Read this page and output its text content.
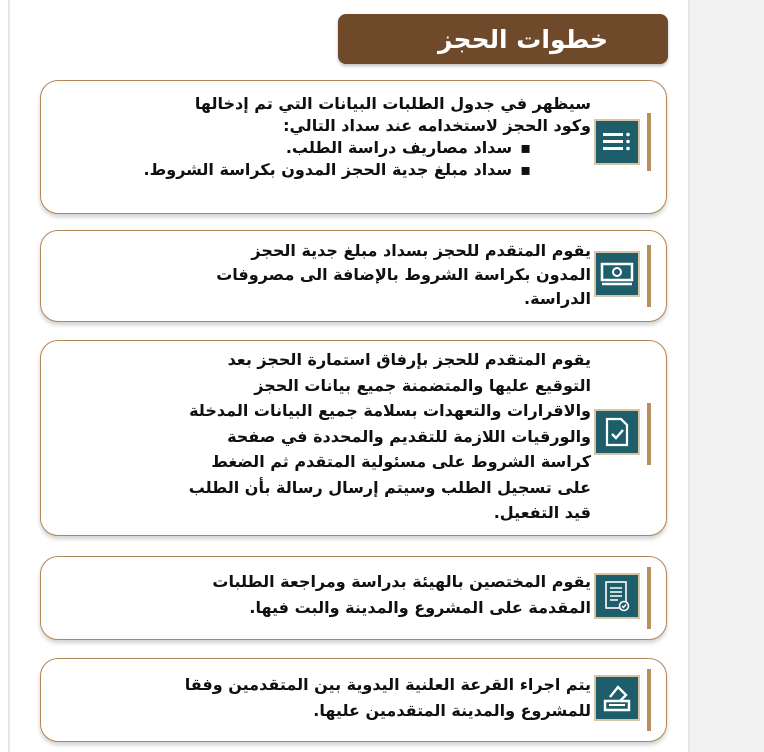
خطوات الحجز
سيظهر في جدول الطلبات البيانات التي تم إدخالها
وكود الحجز لاستخدامه عند سداد التالي:
▪ سداد مصاريف دراسة الطلب.
▪ سداد مبلغ جدية الحجز المدون بكراسة الشروط.
يقوم المتقدم للحجز بسداد مبلغ جدية الحجز
المدون بكراسة الشروط بالإضافة الى مصروفات
الدراسة.
يقوم المتقدم للحجز بإرفاق استمارة الحجز بعد
التوقيع عليها والمتضمنة جميع بيانات الحجز
والاقرارات والتعهدات بسلامة جميع البيانات المدخلة
والورقيات اللازمة للتقديم والمحددة في صفحة
كراسة الشروط على مسئولية المتقدم ثم الضغط
على تسجيل الطلب وسيتم إرسال رسالة بأن الطلب
قيد التفعيل.
يقوم المختصين بالهيئة بدراسة ومراجعة الطلبات
المقدمة على المشروع والمدينة والبت فيها.
يتم اجراء القرعة العلنية اليدوية بين المتقدمين وفقا
للمشروع والمدينة المتقدمين عليها.
